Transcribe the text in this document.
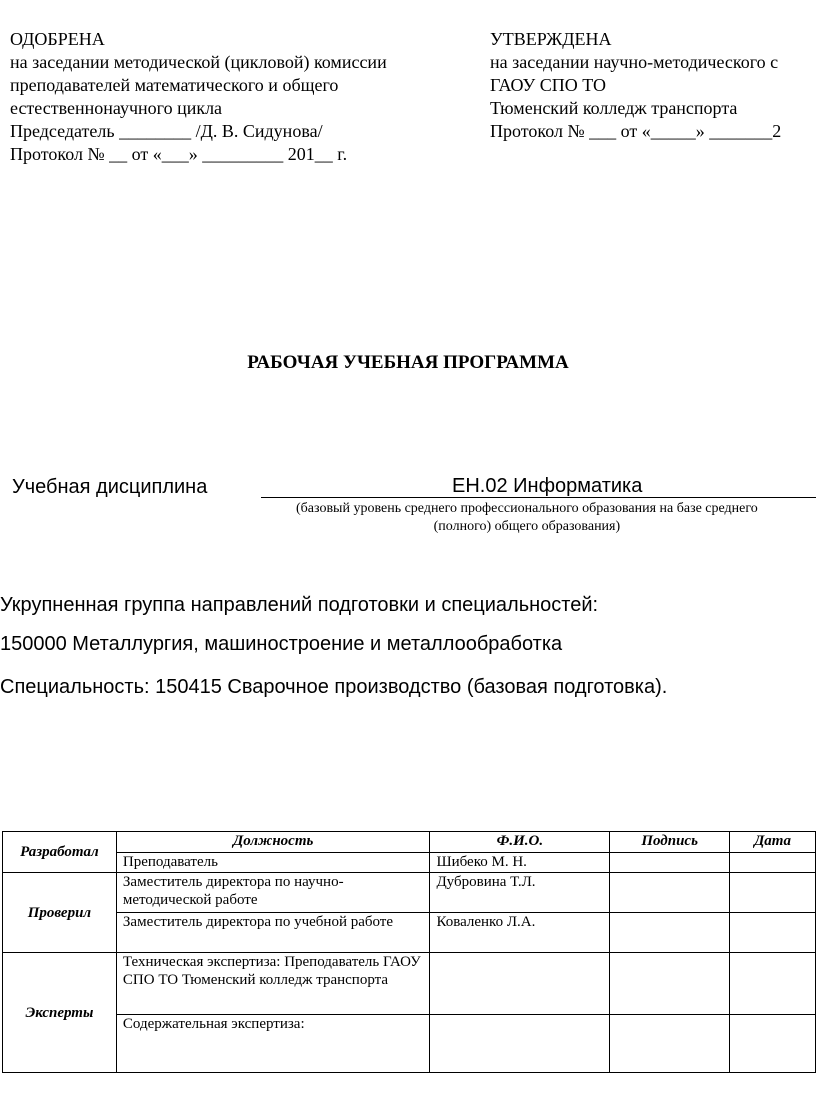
ОДОБРЕНА
на заседании методической (цикловой) комиссии
преподавателей математического и общего
естественнонаучного цикла
Председатель ________ /Д. В. Сидунова/
Протокол № __ от «___» _________ 201__ г.
УТВЕРЖДЕНА
на заседании научно-методического с
ГАОУ СПО ТО
Тюменский колледж транспорта
Протокол № ___ от «_____» _______2
РАБОЧАЯ УЧЕБНАЯ ПРОГРАММА
Учебная дисциплина	ЕН.02 Информатика
(базовый уровень среднего профессионального образования на базе среднего
(полного) общего образования)
Укрупненная группа направлений подготовки и специальностей:
150000 Металлургия, машиностроение и металлообработка
Специальность: 150415 Сварочное производство (базовая подготовка).
Разработал	Должность	Ф.И.О.	Подпись	Дата
	Преподаватель	Шибеко М. Н.		
Проверил	Заместитель директора по научно-методической работе	Дубровина Т.Л.		
	Заместитель директора по учебной работе	Коваленко Л.А.		
Эксперты	Техническая экспертиза: Преподаватель ГАОУ СПО ТО Тюменский колледж транспорта			
	Содержательная экспертиза:			
